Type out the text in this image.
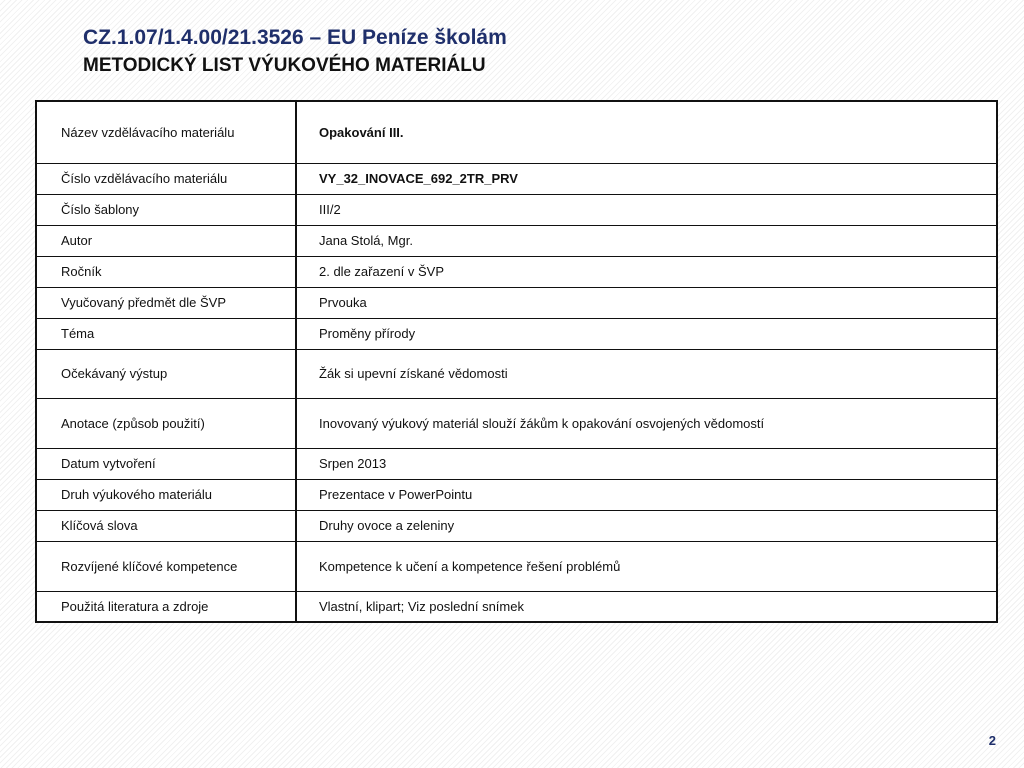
CZ.1.07/1.4.00/21.3526 – EU Peníze školám
METODICKÝ LIST VÝUKOVÉHO MATERIÁLU
Název vzdělávacího materiálu	Opakování III.
Číslo vzdělávacího materiálu	VY_32_INOVACE_692_2TR_PRV
Číslo šablony	III/2
Autor	Jana Stolá, Mgr.
Ročník	2. dle zařazení v ŠVP
Vyučovaný předmět dle ŠVP	Prvouka
Téma	Proměny přírody
Očekávaný výstup	Žák si upevní získané vědomosti
Anotace (způsob použití)	Inovovaný výukový materiál slouží žákům k opakování osvojených vědomostí
Datum vytvoření	Srpen 2013
Druh výukového materiálu	Prezentace v PowerPointu
Klíčová slova	Druhy ovoce a zeleniny
Rozvíjené klíčové kompetence	Kompetence k učení a kompetence řešení problémů
Použitá literatura a zdroje	Vlastní, klipart; Viz poslední snímek
2
